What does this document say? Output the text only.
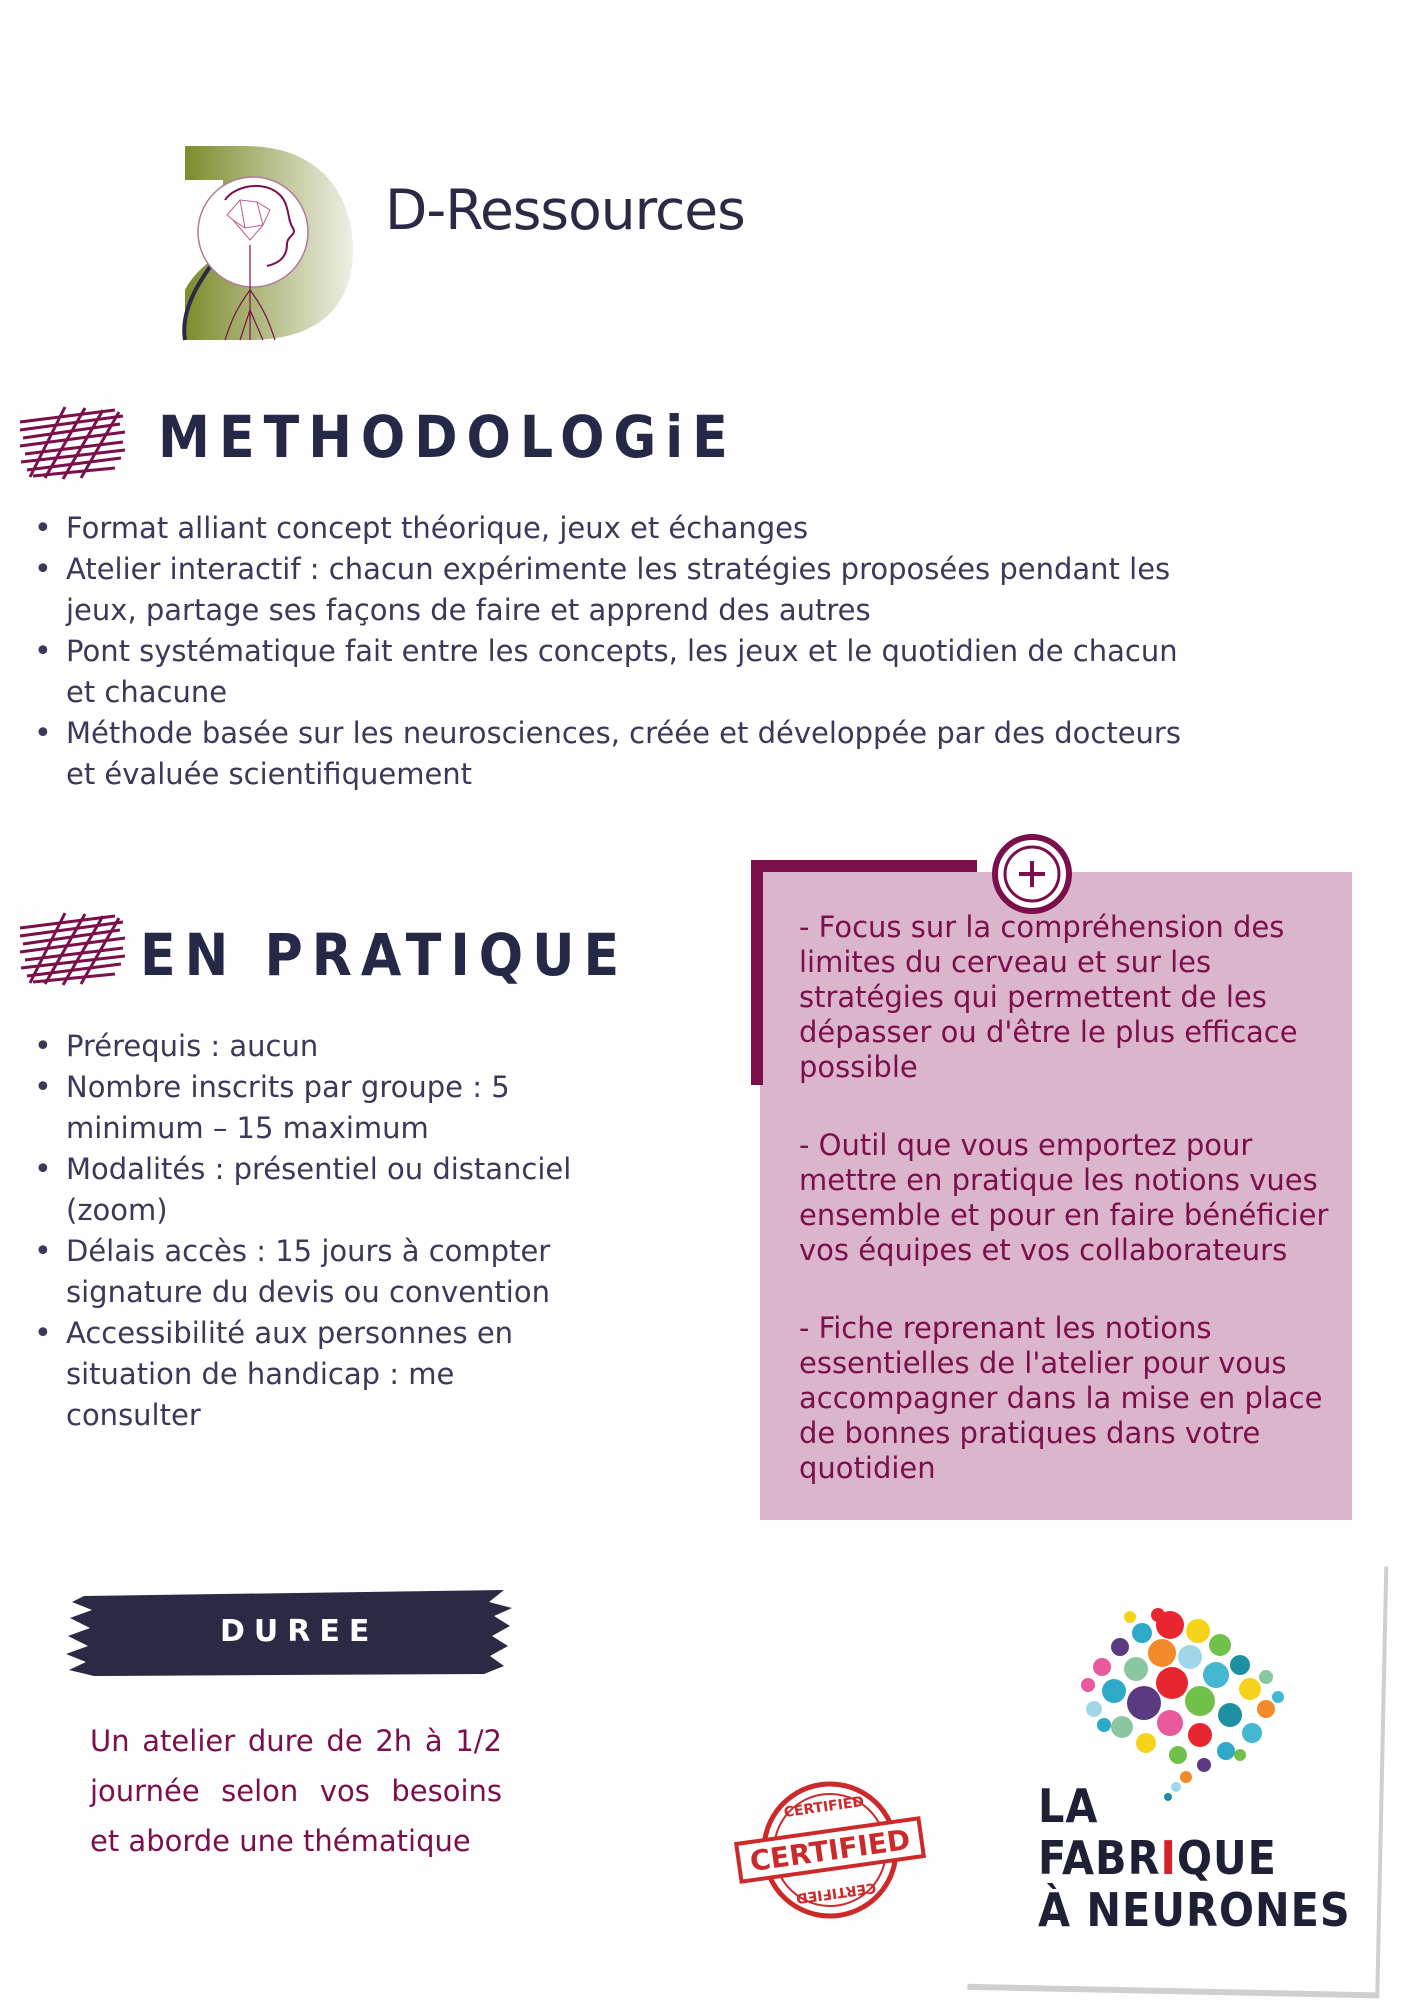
D-Ressources
METHODOLOGiE
• Format alliant concept théorique, jeux et échanges
• Atelier interactif : chacun expérimente les stratégies proposées pendant les jeux, partage ses façons de faire et apprend des autres
• Pont systématique fait entre les concepts, les jeux et le quotidien de chacun et chacune
• Méthode basée sur les neurosciences, créée et développée par des docteurs et évaluée scientifiquement
EN PRATIQUE
• Prérequis : aucun
• Nombre inscrits par groupe : 5 minimum – 15 maximum
• Modalités : présentiel ou distanciel (zoom)
• Délais accès : 15 jours à compter signature du devis ou convention
• Accessibilité aux personnes en situation de handicap : me consulter

- Focus sur la compréhension des limites du cerveau et sur les stratégies qui permettent de les dépasser ou d'être le plus efficace possible

- Outil que vous emportez pour mettre en pratique les notions vues ensemble et pour en faire bénéficier vos équipes et vos collaborateurs

- Fiche reprenant les notions essentielles de l'atelier pour vous accompagner dans la mise en place de bonnes pratiques dans votre quotidien

DUREE
Un atelier dure de 2h à 1/2 journée selon vos besoins et aborde une thématique
CERTIFIED
CERTIFIED
CERTIFIED
LA
FABRIQUE
À NEURONES
